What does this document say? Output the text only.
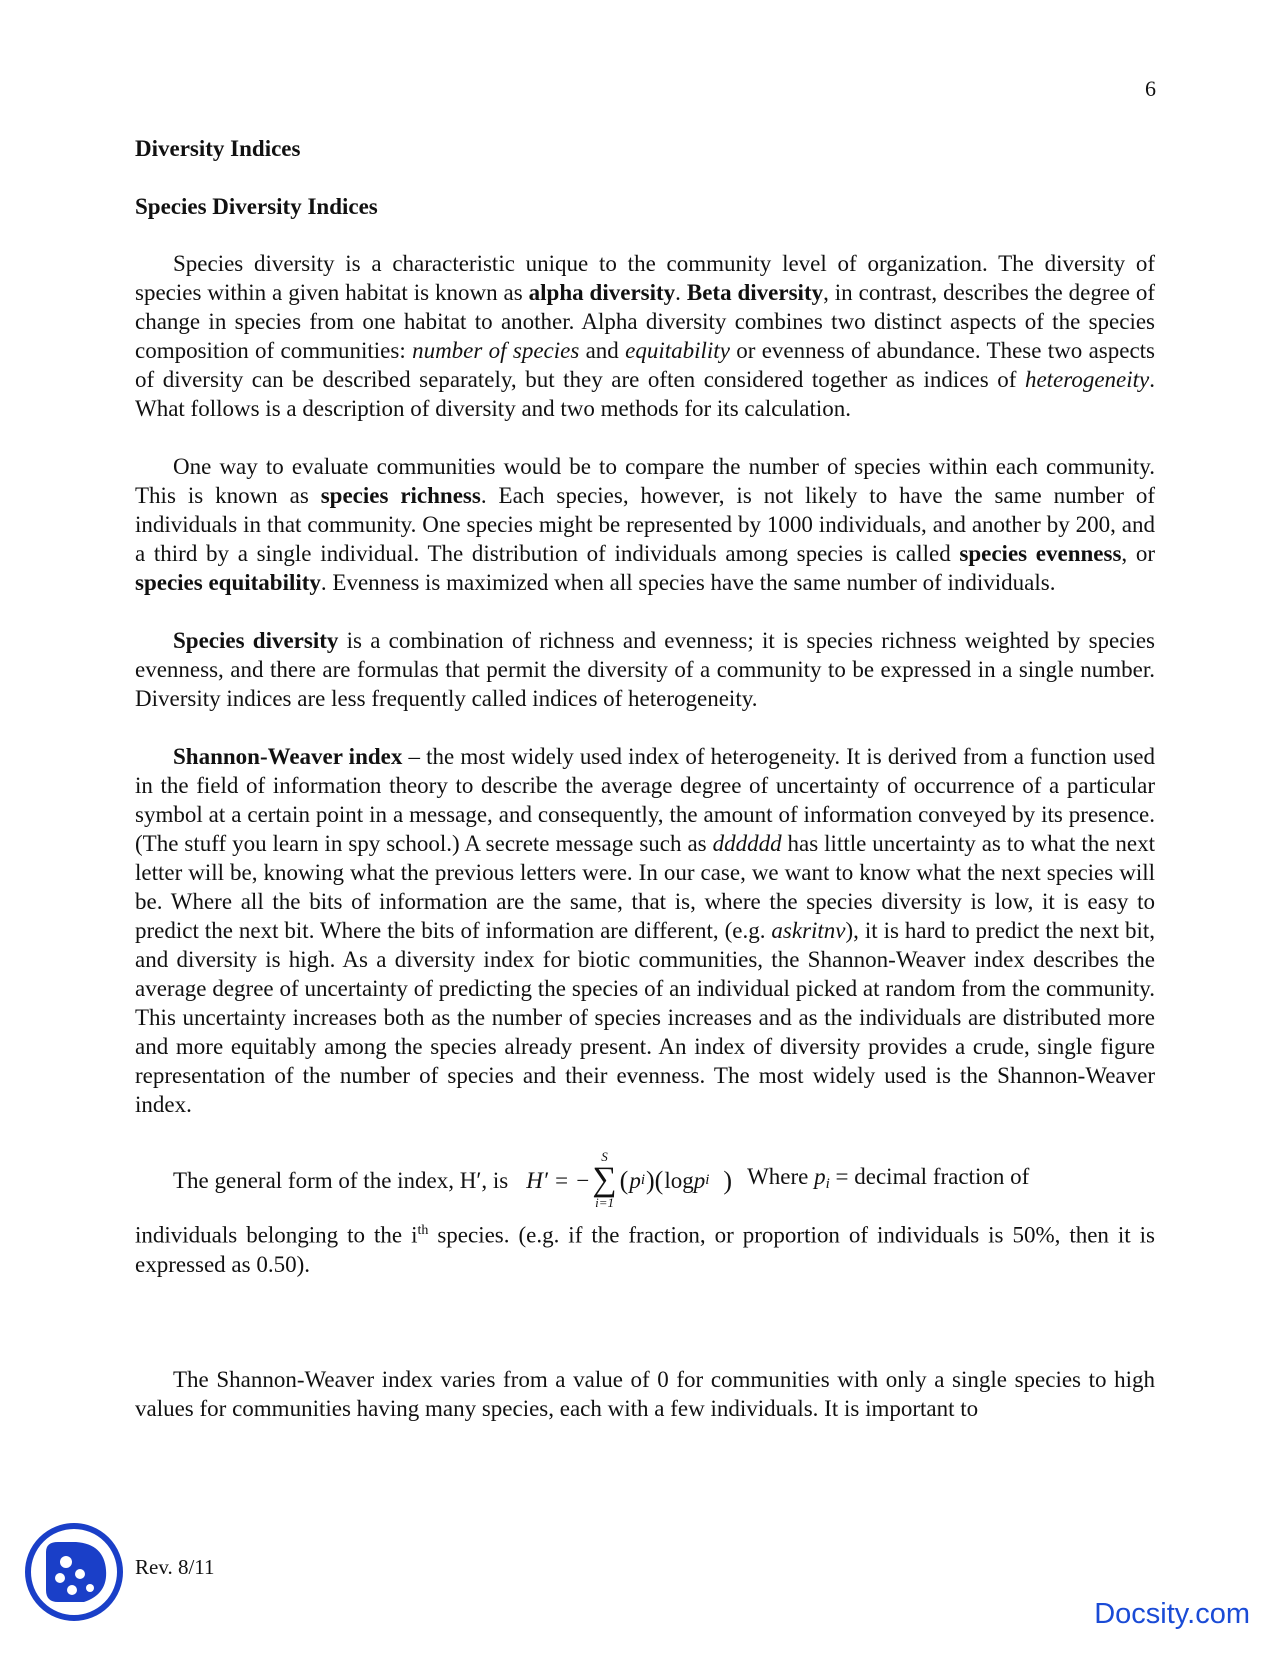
6
Diversity Indices
Species Diversity Indices

Species diversity is a characteristic unique to the community level of organization. The diversity of species within a given habitat is known as alpha diversity. Beta diversity, in contrast, describes the degree of change in species from one habitat to another. Alpha diversity combines two distinct aspects of the species composition of communities: number of species and equitability or evenness of abundance. These two aspects of diversity can be described separately, but they are often considered together as indices of heterogeneity. What follows is a description of diversity and two methods for its calculation.

One way to evaluate communities would be to compare the number of species within each community. This is known as species richness. Each species, however, is not likely to have the same number of individuals in that community. One species might be represented by 1000 individuals, and another by 200, and a third by a single individual. The distribution of individuals among species is called species evenness, or species equitability. Evenness is maximized when all species have the same number of individuals.

Species diversity is a combination of richness and evenness; it is species richness weighted by species evenness, and there are formulas that permit the diversity of a community to be expressed in a single number. Diversity indices are less frequently called indices of heterogeneity.

Shannon-Weaver index – the most widely used index of heterogeneity. It is derived from a function used in the field of information theory to describe the average degree of uncertainty of occurrence of a particular symbol at a certain point in a message, and consequently, the amount of information conveyed by its presence. (The stuff you learn in spy school.) A secrete message such as dddddd has little uncertainty as to what the next letter will be, knowing what the previous letters were. In our case, we want to know what the next species will be. Where all the bits of information are the same, that is, where the species diversity is low, it is easy to predict the next bit. Where the bits of information are different, (e.g. askritnv), it is hard to predict the next bit, and diversity is high. As a diversity index for biotic communities, the Shannon-Weaver index describes the average degree of uncertainty of predicting the species of an individual picked at random from the community. This uncertainty increases both as the number of species increases and as the individuals are distributed more and more equitably among the species already present. An index of diversity provides a crude, single figure representation of the number of species and their evenness. The most widely used is the Shannon-Weaver index.

The general form of the index, H′, is H′ = −
S
∑
i=1
( p i )( log p i ) Where $p_i$ = decimal fraction of

individuals belonging to the $i^{th}$ species. (e.g. if the fraction, or proportion of individuals is 50%, then it is expressed as 0.50).

The Shannon-Weaver index varies from a value of 0 for communities with only a single species to high values for communities having many species, each with a few individuals. It is important to

Rev. 8/11
Docsity.com
